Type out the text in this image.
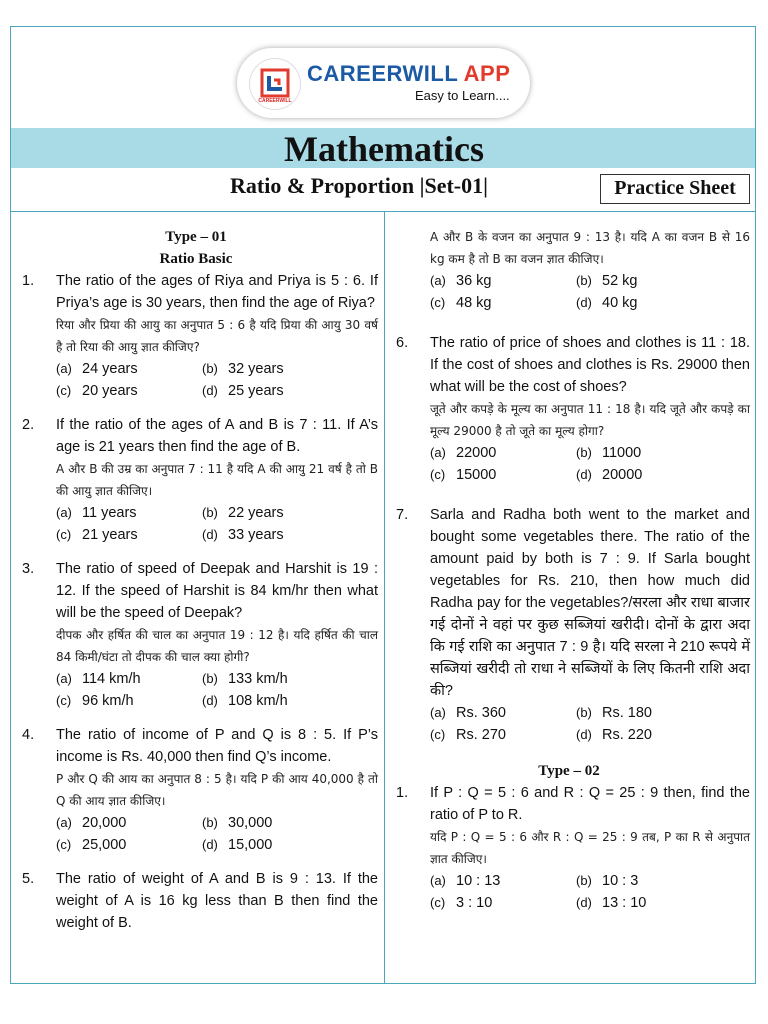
CAREERWILL
CAREERWILL APP
Easy to Learn....
Mathematics
Ratio & Proportion |Set-01|	Practice Sheet
Type – 01
Ratio Basic
1. The ratio of the ages of Riya and Priya is 5 : 6. If Priya’s age is 30 years, then find the age of Riya?

रिया और प्रिया की आयु का अनुपात 5 : 6 है यदि प्रिया की आयु 30 वर्ष है तो रिया की आयु ज्ञात कीजिए?

(a) 24 years	(b) 32 years
(c) 20 years	(d) 25 years
2. If the ratio of the ages of A and B is 7 : 11. If A’s age is 21 years then find the age of B.

A और B की उम्र का अनुपात 7 : 11 है यदि A की आयु 21 वर्ष है तो B की आयु ज्ञात कीजिए।

(a) 11 years	(b) 22 years
(c) 21 years	(d) 33 years
3. The ratio of speed of Deepak and Harshit is 19 : 12. If the speed of Harshit is 84 km/hr then what will be the speed of Deepak?

दीपक और हर्षित की चाल का अनुपात 19 : 12 है। यदि हर्षित की चाल 84 किमी/घंटा तो दीपक की चाल क्या होगी?

(a) 114 km/h	(b) 133 km/h
(c) 96 km/h	(d) 108 km/h
4. The ratio of income of P and Q is 8 : 5. If P’s income is Rs. 40,000 then find Q’s income.

P और Q की आय का अनुपात 8 : 5 है। यदि P की आय 40,000 है तो Q की आय ज्ञात कीजिए।

(a) 20,000	(b) 30,000
(c) 25,000	(d) 15,000
5. The ratio of weight of A and B is 9 : 13. If the weight of A is 16 kg less than B then find the weight of B.

A और B के वजन का अनुपात 9 : 13 है। यदि A का वजन B से 16 kg कम है तो B का वजन ज्ञात कीजिए।

(a) 36 kg	(b) 52 kg
(c) 48 kg	(d) 40 kg
6. The ratio of price of shoes and clothes is 11 : 18. If the cost of shoes and clothes is Rs. 29000 then what will be the cost of shoes?

जूते और कपड़े के मूल्य का अनुपात 11 : 18 है। यदि जूते और कपड़े का मूल्य 29000 है तो जूते का मूल्य होगा?

(a) 22000	(b) 11000
(c) 15000	(d) 20000
7. Sarla and Radha both went to the market and bought some vegetables there. The ratio of the amount paid by both is 7 : 9. If Sarla bought vegetables for Rs. 210, then how much did Radha pay for the vegetables?/सरला और राधा बाजार गई दोनों ने वहां पर कुछ सब्जियां खरीदी। दोनों के द्वारा अदा कि गई राशि का अनुपात 7 : 9 है। यदि सरला ने 210 रूपये में सब्जियां खरीदी तो राधा ने सब्जियों के लिए कितनी राशि अदा की?

(a) Rs. 360	(b) Rs. 180
(c) Rs. 270	(d) Rs. 220
Type – 02
1. If P : Q = 5 : 6 and R : Q = 25 : 9 then, find the ratio of P to R.

यदि P : Q = 5 : 6 और R : Q = 25 : 9 तब, P का R से अनुपात ज्ञात कीजिए।

(a) 10 : 13	(b) 10 : 3
(c) 3 : 10	(d) 13 : 10
